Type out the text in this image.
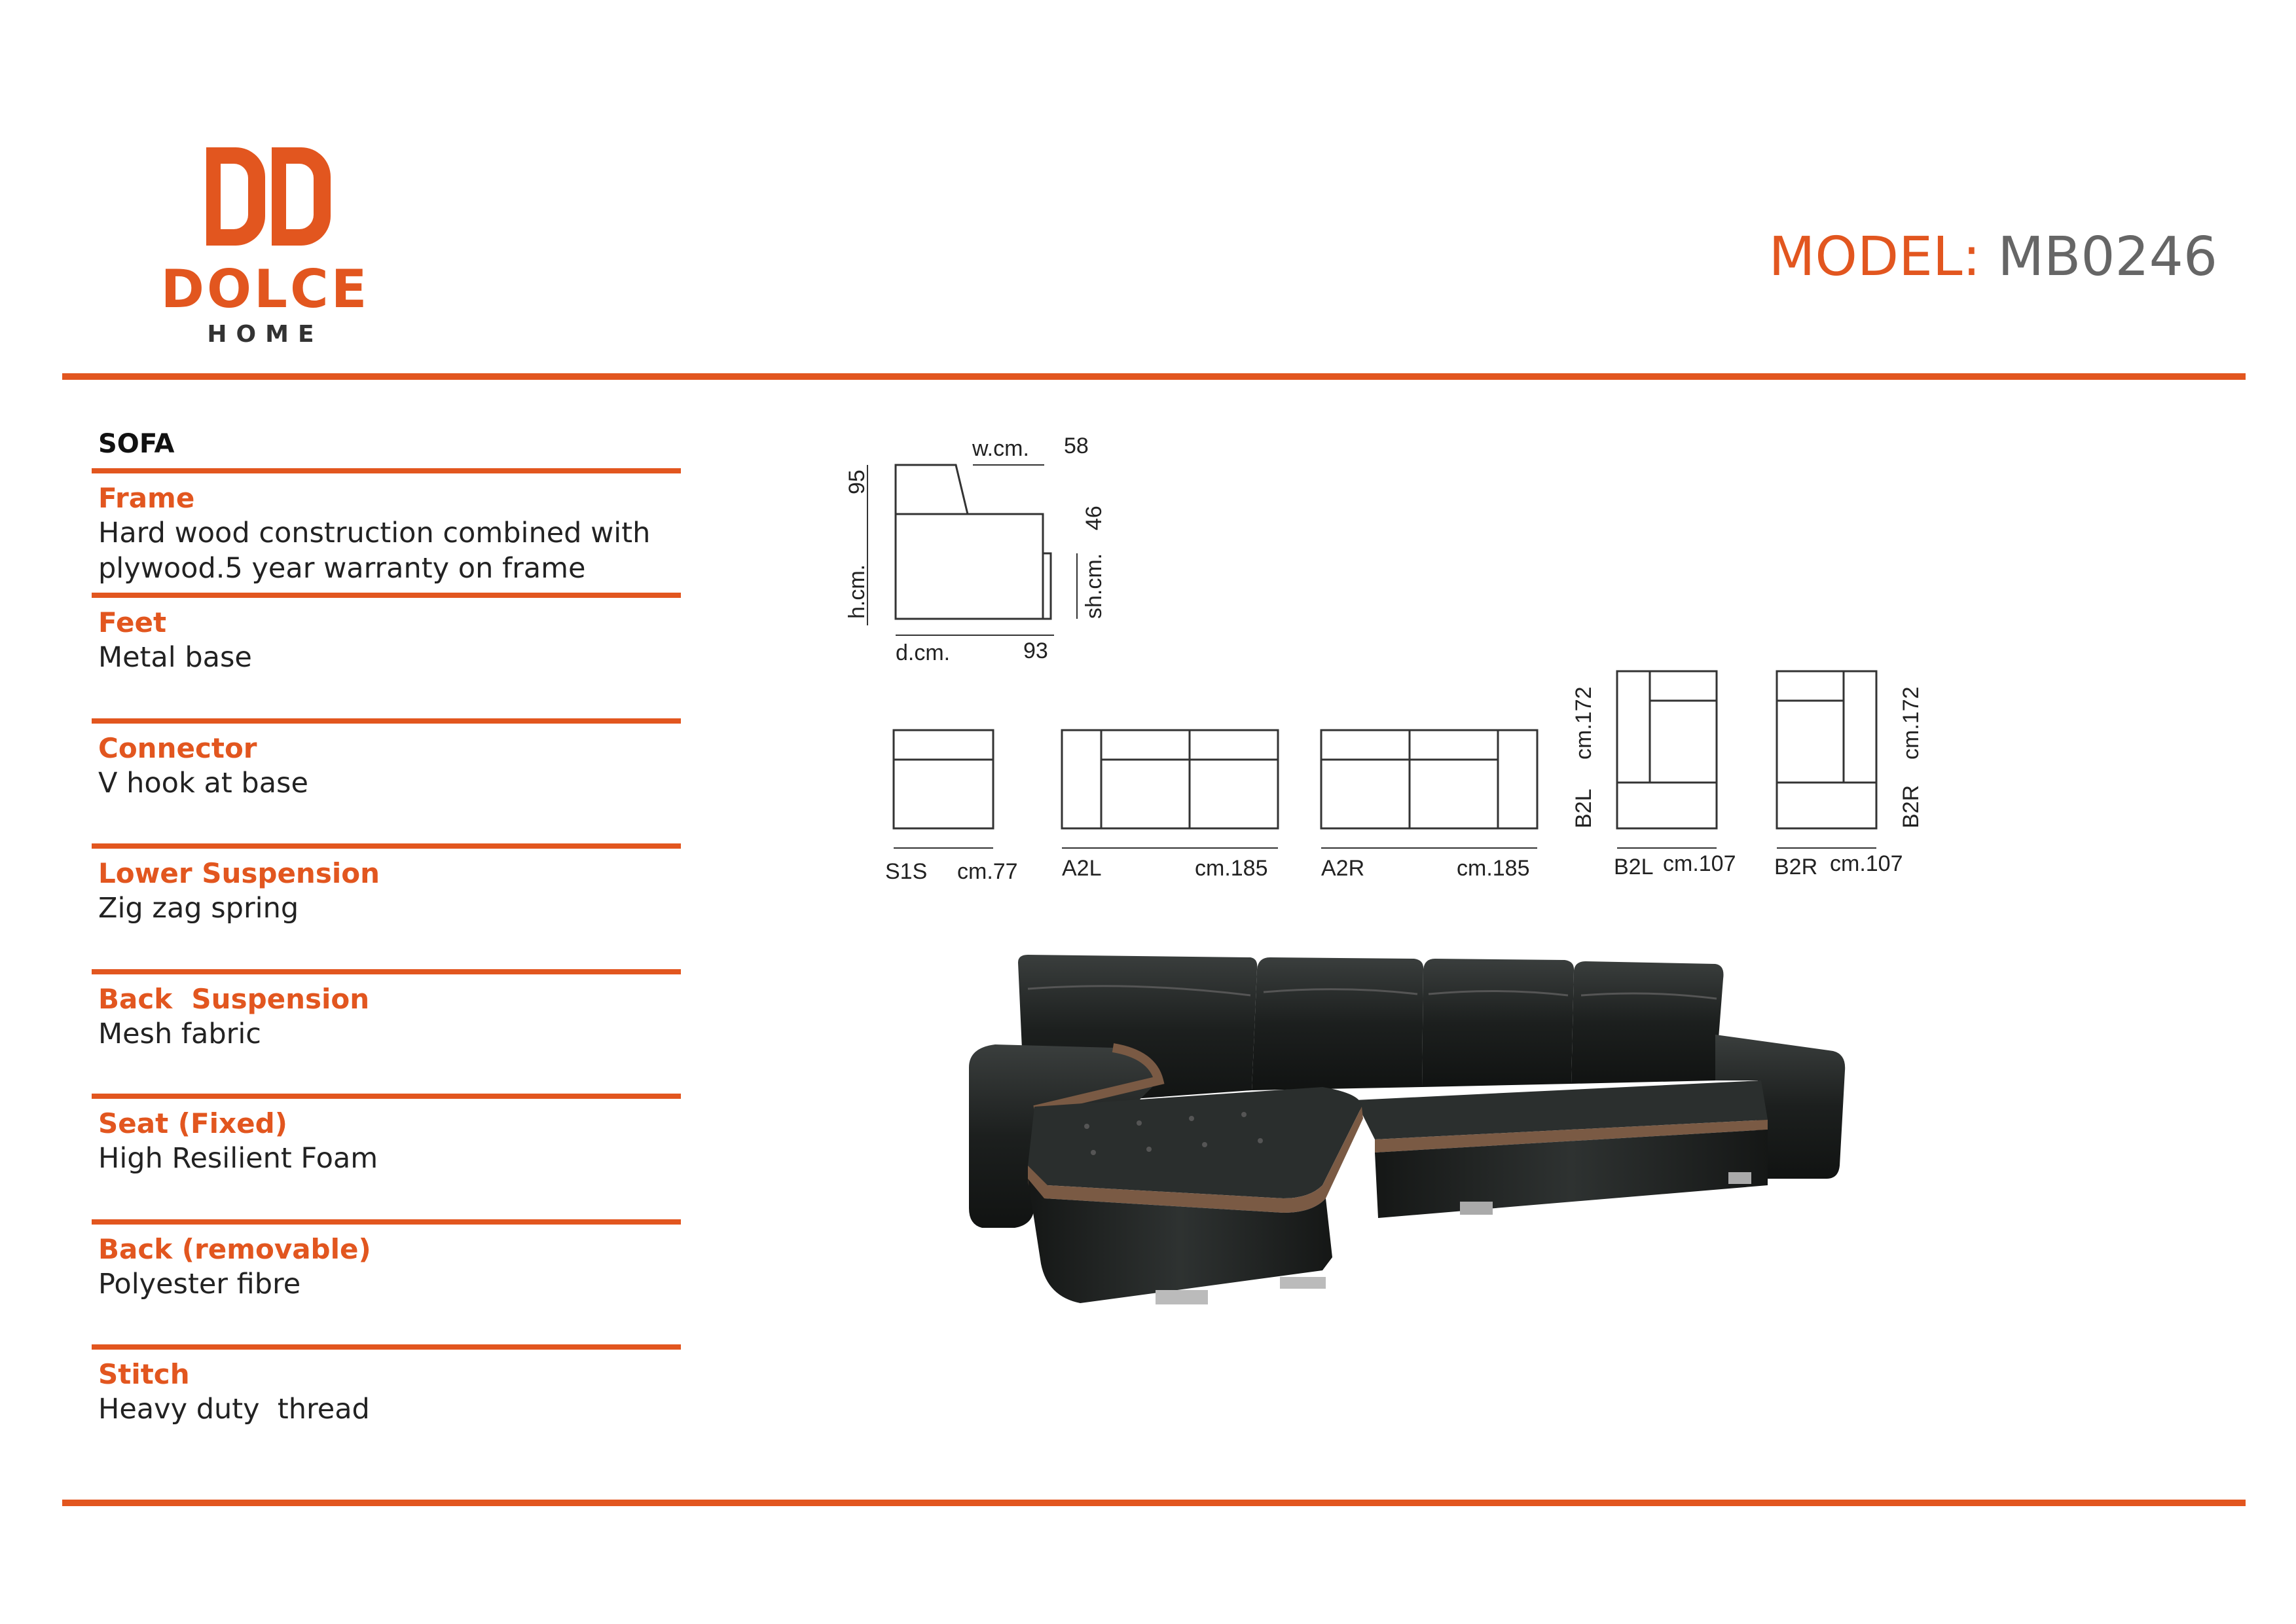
DOLCE
HOME
MODEL: MB0246
SOFA
Frame
Hard wood construction combined with
plywood.5 year warranty on frame
Feet
Metal base
Connector
V hook at base
Lower Suspension
Zig zag spring
Back  Suspension
Mesh fabric
Seat (Fixed)
High Resilient Foam
Back (removable)
Polyester fibre
Stitch
Heavy duty  thread
w.cm. 58
95
h.cm.
46
sh.cm.
d.cm.	93
S1S cm.77 A2L	cm.185 A2R	cm.185	B2L cm.107 B2R cm.107
B2L
cm.172
B2R
cm.172
